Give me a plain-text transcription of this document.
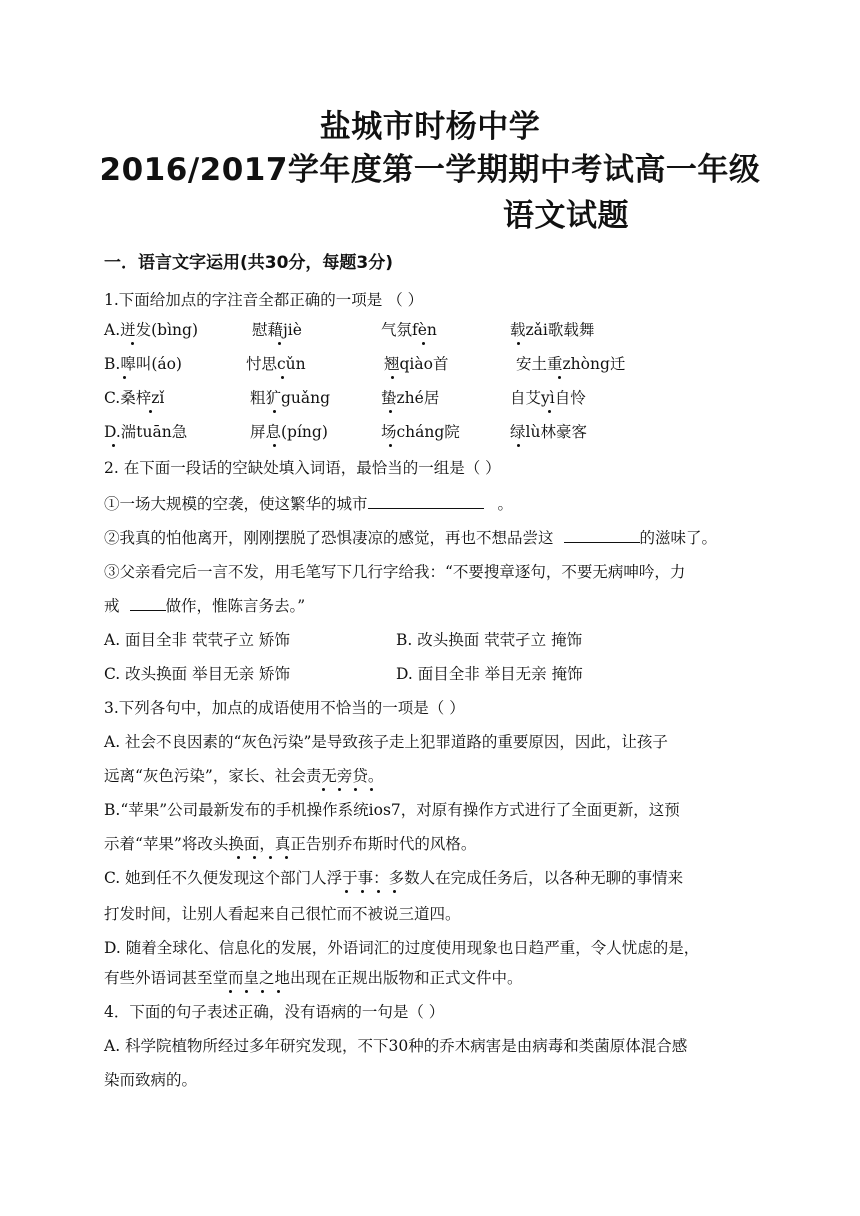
盐城市时杨中学
2016/2017学年度第一学期期中考试高一年级
语文试题
一．语言文字运用(共30分，每题3分)
1.下面给加点的字注音全都正确的一项是 （ ）
A.迸发(bìng)	慰藉jiè	气氛fèn	载zǎi歌载舞
B.嗥叫(áo)	忖思cǔn	翘qiào首	安土重zhòng迁
C.桑梓zǐ	粗犷guǎng	蛰zhé居	自艾yì自怜
D.湍tuān急	屏息(píng)	场cháng院	绿lù林豪客
2. 在下面一段话的空缺处填入词语，最恰当的一组是（ ）
①一场大规模的空袭，使这繁华的城市	。
②我真的怕他离开，刚刚摆脱了恐惧凄凉的感觉，再也不想品尝这	的滋味了。
③父亲看完后一言不发，用毛笔写下几行字给我：“不要搜章逐句，不要无病呻吟，力
戒	做作，惟陈言务去。”
A. 面目全非 茕茕孑立 矫饰	B. 改头换面 茕茕孑立 掩饰
C. 改头换面 举目无亲 矫饰	D. 面目全非 举目无亲 掩饰
3.下列各句中，加点的成语使用不恰当的一项是（ ）
A. 社会不良因素的“灰色污染”是导致孩子走上犯罪道路的重要原因，因此，让孩子
远离“灰色污染”，家长、社会责无旁贷。
B.“苹果”公司最新发布的手机操作系统ios7，对原有操作方式进行了全面更新，这预
示着“苹果”将改头换面，真正告别乔布斯时代的风格。
C. 她到任不久便发现这个部门人浮于事：多数人在完成任务后，以各种无聊的事情来
打发时间，让别人看起来自己很忙而不被说三道四。
D. 随着全球化、信息化的发展，外语词汇的过度使用现象也日趋严重，令人忧虑的是，
有些外语词甚至堂而皇之地出现在正规出版物和正式文件中。
4．下面的句子表述正确，没有语病的一句是（ ）
A. 科学院植物所经过多年研究发现，不下30种的乔木病害是由病毒和类菌原体混合感
染而致病的。
